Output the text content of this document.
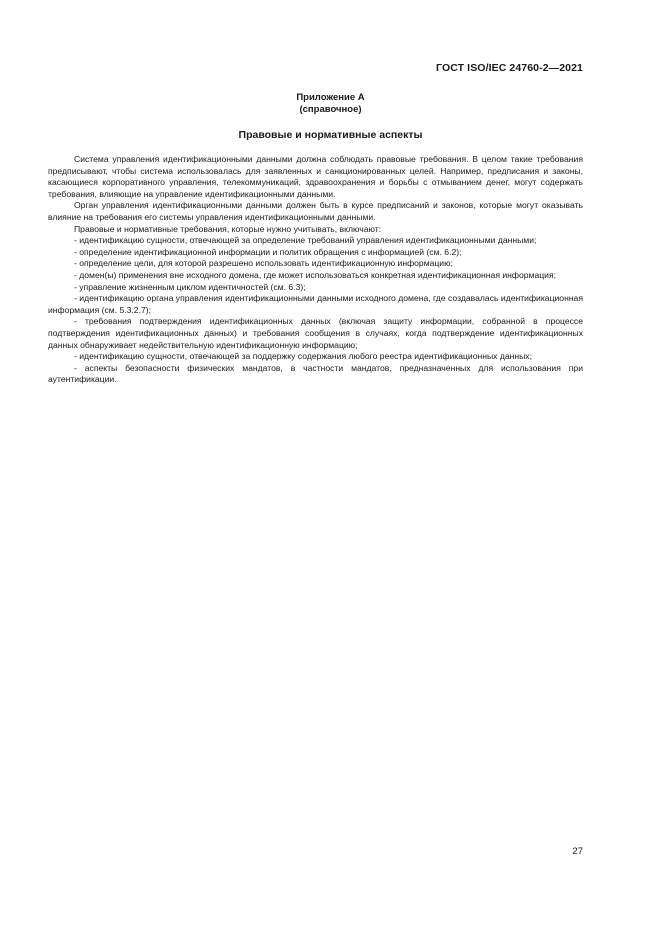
ГОСТ ISO/IEC 24760-2—2021
Приложение А
(справочное)
Правовые и нормативные аспекты

Система управления идентификационными данными должна соблюдать правовые требования. В целом такие требования предписывают, чтобы система использовалась для заявленных и санкционированных целей. Например, предписания и законы, касающиеся корпоративного управления, телекоммуникаций, здравоохранения и борьбы с отмыванием денег, могут содержать требования, влияющие на управление идентификационными данными.

Орган управления идентификационными данными должен быть в курсе предписаний и законов, которые могут оказывать влияние на требования его системы управления идентификационными данными.

Правовые и нормативные требования, которые нужно учитывать, включают:

- идентификацию сущности, отвечающей за определение требований управления идентификационными данными;

- определение идентификационной информации и политик обращения с информацией (см. 6.2);

- определение цели, для которой разрешено использовать идентификационную информацию;

- домен(ы) применения вне исходного домена, где может использоваться конкретная идентификационная информация;

- управление жизненным циклом идентичностей (см. 6.3);

- идентификацию органа управления идентификационными данными исходного домена, где создавалась идентификационная информация (см. 5.3.2.7);

- требования подтверждения идентификационных данных (включая защиту информации, собранной в процессе подтверждения идентификационных данных) и требования сообщения в случаях, когда подтверждение идентификационных данных обнаруживает недействительную идентификационную информацию;

- идентификацию сущности, отвечающей за поддержку содержания любого реестра идентификационных данных;

- аспекты безопасности физических мандатов, в частности мандатов, предназначенных для использования при аутентификации.

27
